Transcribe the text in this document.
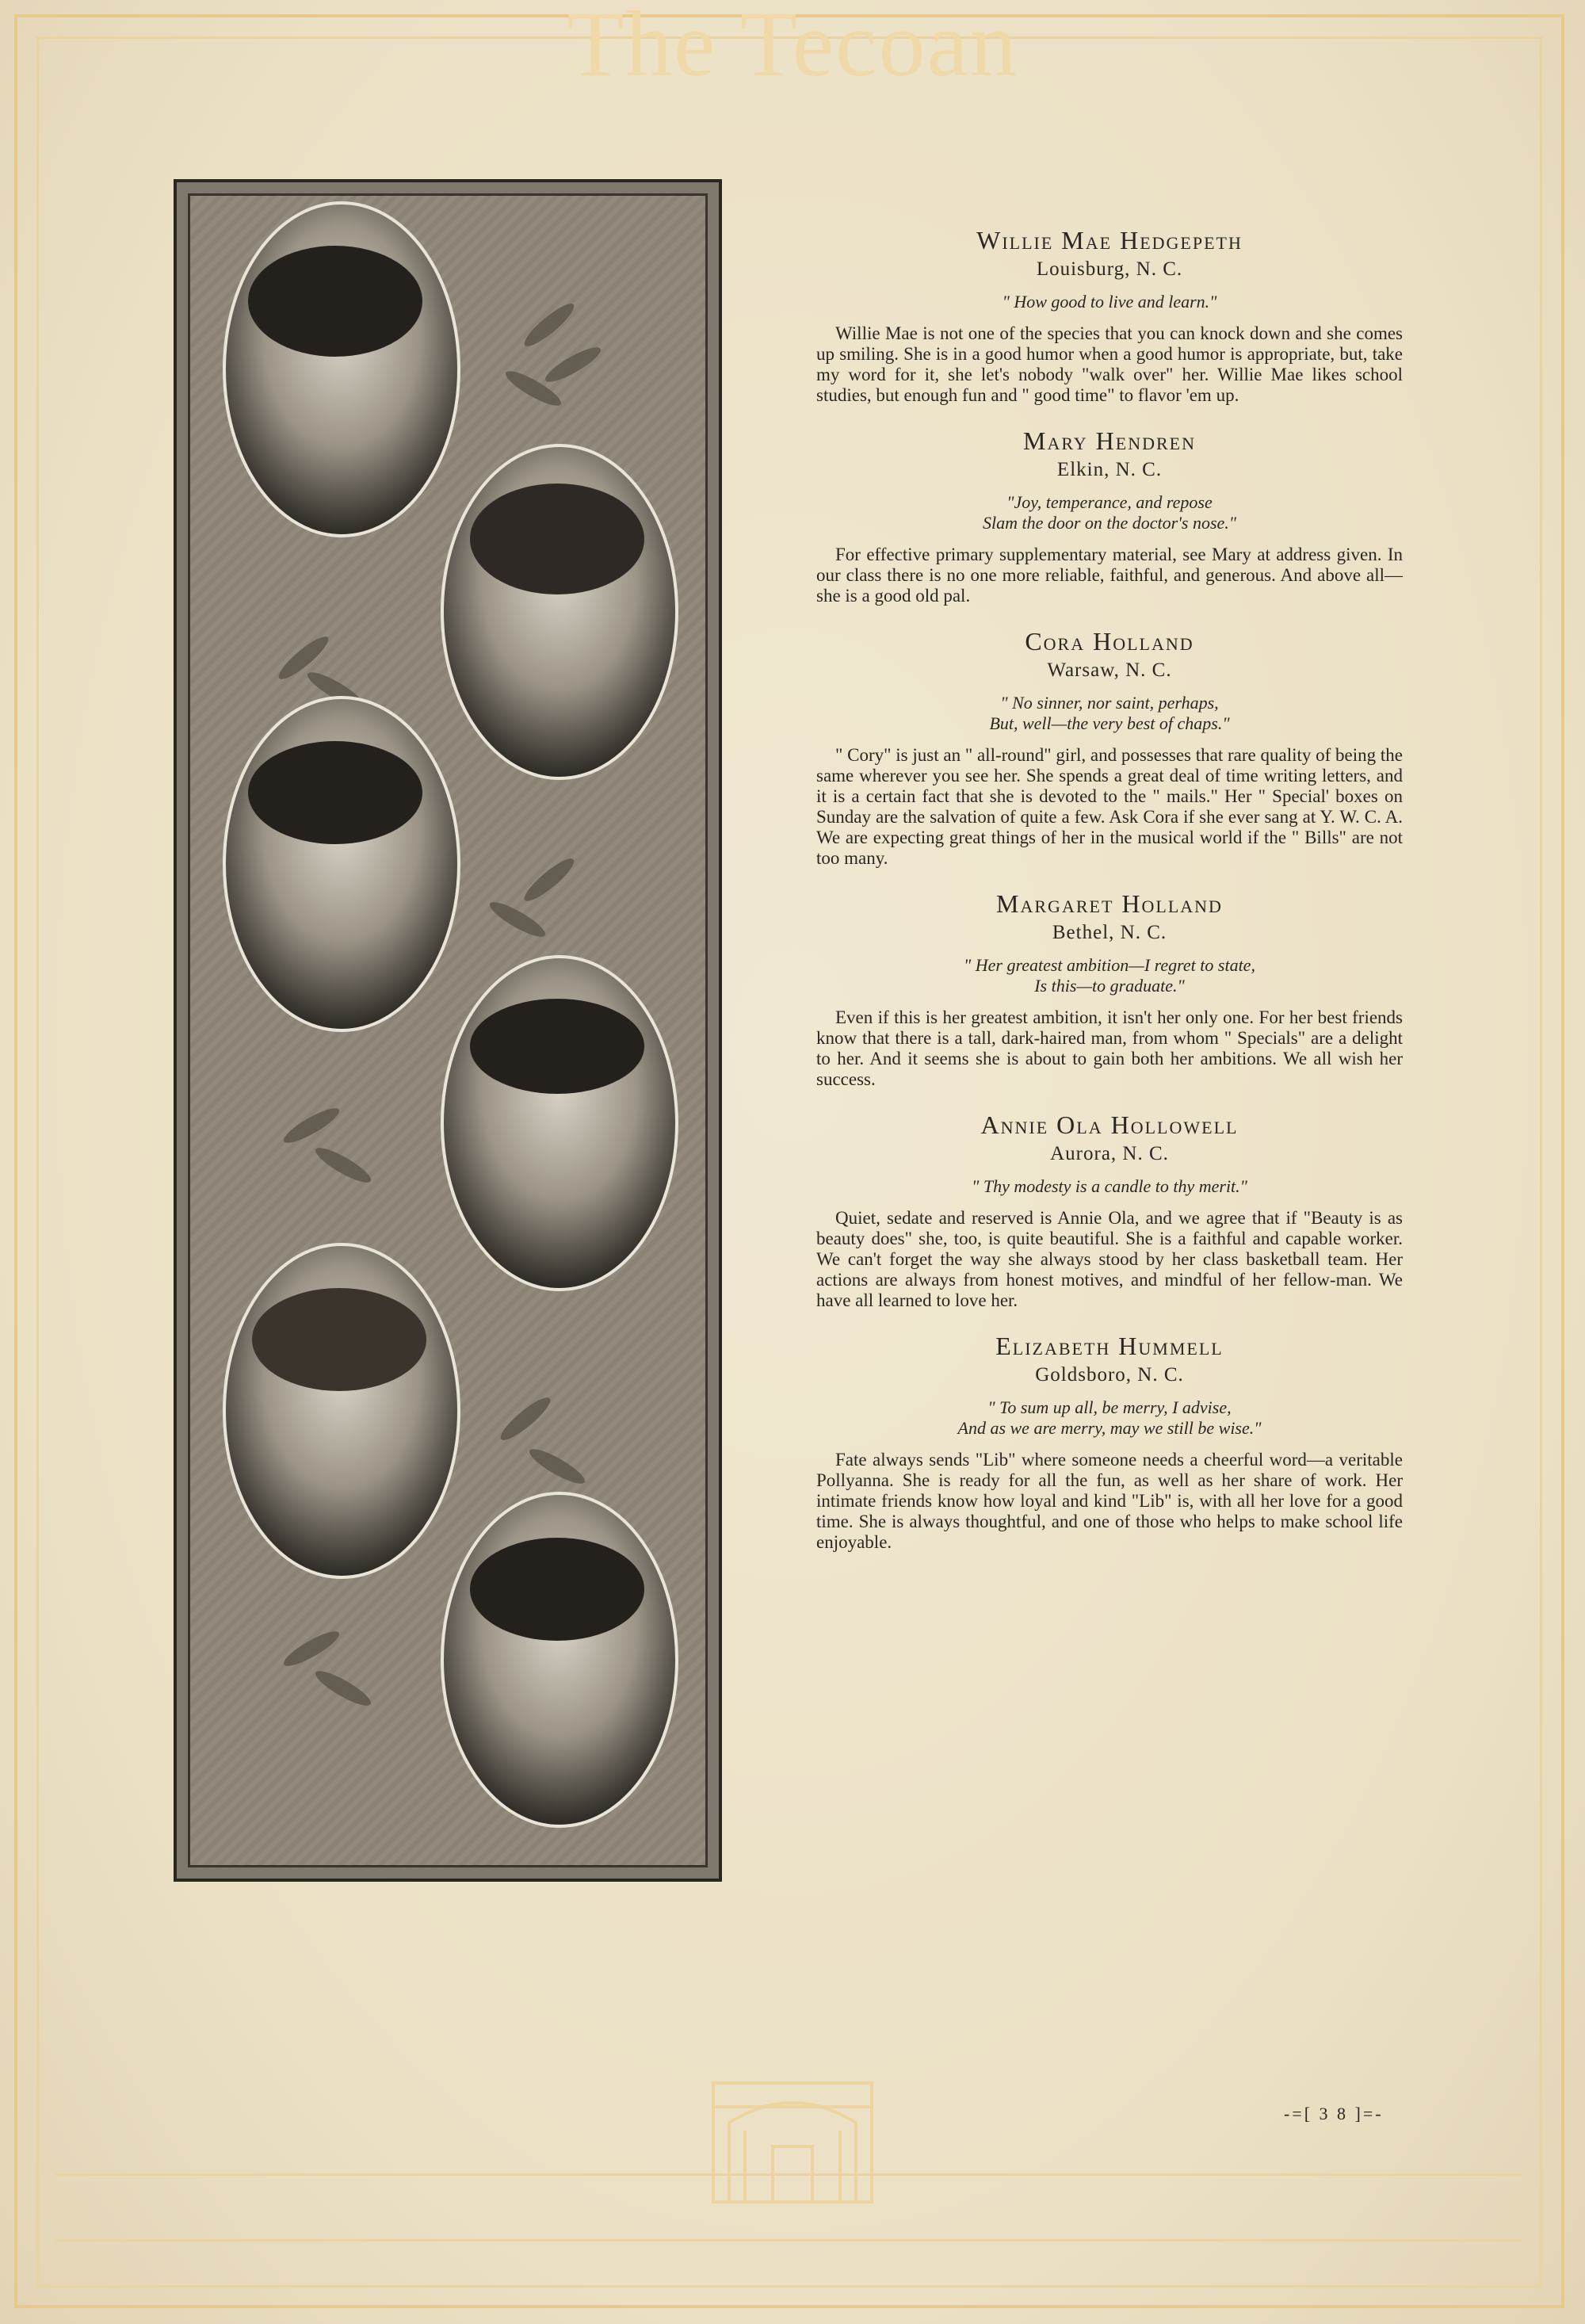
The Tecoan
Willie Mae Hedgepeth
Louisburg, N. C.
" How good to live and learn."

Willie Mae is not one of the species that you can knock down and she comes up smiling. She is in a good humor when a good humor is appropriate, but, take my word for it, she let's nobody "walk over" her. Willie Mae likes school studies, but enough fun and " good time" to flavor 'em up.

Mary Hendren
Elkin, N. C.
"Joy, temperance, and repose
Slam the door on the doctor's nose."

For effective primary supplementary material, see Mary at address given. In our class there is no one more reliable, faithful, and generous. And above all—she is a good old pal.

Cora Holland
Warsaw, N. C.
" No sinner, nor saint, perhaps,
But, well—the very best of chaps."

" Cory" is just an " all-round" girl, and possesses that rare quality of being the same wherever you see her. She spends a great deal of time writing letters, and it is a certain fact that she is devoted to the " mails." Her " Special' boxes on Sunday are the salvation of quite a few. Ask Cora if she ever sang at Y. W. C. A. We are expecting great things of her in the musical world if the " Bills" are not too many.

Margaret Holland
Bethel, N. C.
" Her greatest ambition—I regret to state,
Is this—to graduate."

Even if this is her greatest ambition, it isn't her only one. For her best friends know that there is a tall, dark-haired man, from whom " Specials" are a delight to her. And it seems she is about to gain both her ambitions. We all wish her success.

Annie Ola Hollowell
Aurora, N. C.
" Thy modesty is a candle to thy merit."

Quiet, sedate and reserved is Annie Ola, and we agree that if "Beauty is as beauty does" she, too, is quite beautiful. She is a faithful and capable worker. We can't forget the way she always stood by her class basketball team. Her actions are always from honest motives, and mindful of her fellow-man. We have all learned to love her.

Elizabeth Hummell
Goldsboro, N. C.
" To sum up all, be merry, I advise,
And as we are merry, may we still be wise."

Fate always sends "Lib" where someone needs a cheerful word—a veritable Pollyanna. She is ready for all the fun, as well as her share of work. Her intimate friends know how loyal and kind "Lib" is, with all her love for a good time. She is always thoughtful, and one of those who helps to make school life enjoyable.

-=[ 3 8 ]=-
